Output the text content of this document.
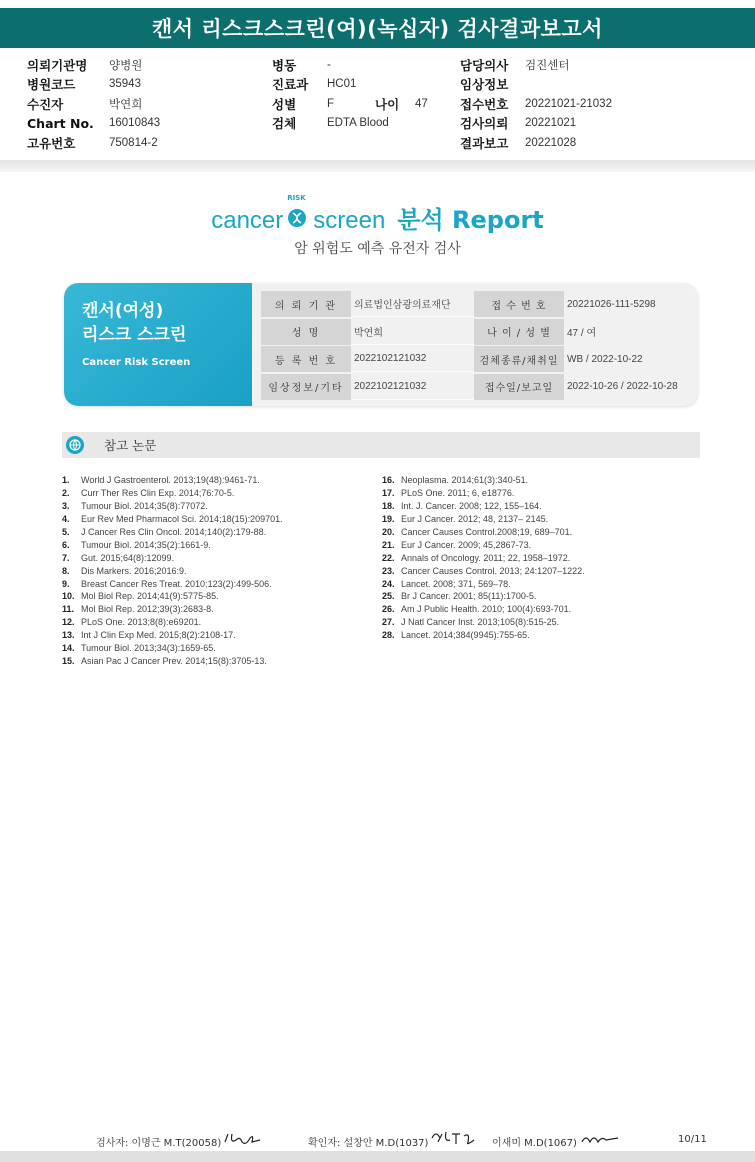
캔서 리스크스크린(여)(녹십자) 검사결과보고서
의뢰기관명	양병원
병원코드	35943
수진자	박연희
Chart No.	16010843
고유번호	750814-2
병동	-
진료과	HC01
성별	F	나이	47
검체	EDTA Blood
담당의사	검진센터
임상정보
접수번호	20221021-21032
검사의뢰	20221021
결과보고	20221028
cancer
RISK
screen 분석 Report
암 위험도 예측 유전자 검사
캔서(여성)
리스크 스크린
Cancer Risk Screen
의 뢰 기 관	의료법인삼광의료재단	접 수 번 호	20221026-111-5298
성 명	박연희	나 이 / 성 별	47 / 여
등 록 번 호	2022102121032	검체종류/채취일 WB / 2022-10-22
임상정보/기타	2022102121032	접수일/보고일	2022-10-26 / 2022-10-28
참고 논문
1.	World J Gastroenterol. 2013;19(48):9461-71.
2.	Curr Ther Res Clin Exp. 2014;76:70-5.
3.	Tumour Biol. 2014;35(8):77072.
4.	Eur Rev Med Pharmacol Sci. 2014;18(15):209701.
5.	J Cancer Res Clin Oncol. 2014;140(2):179-88.
6.	Tumour Biol. 2014;35(2):1661-9.
7.	Gut. 2015;64(8):12099.
8.	Dis Markers. 2016;2016:9.
9.	Breast Cancer Res Treat. 2010;123(2):499-506.
10. Mol Biol Rep. 2014;41(9):5775-85.
11. Mol Biol Rep. 2012;39(3):2683-8.
12. PLoS One. 2013;8(8):e69201.
13. Int J Clin Exp Med. 2015;8(2):2108-17.
14. Tumour Biol. 2013;34(3):1659-65.
15. Asian Pac J Cancer Prev. 2014;15(8):3705-13.
16. Neoplasma. 2014;61(3):340-51.
17. PLoS One. 2011; 6, e18776.
18. Int. J. Cancer. 2008; 122, 155–164.
19. Eur J Cancer. 2012; 48, 2137– 2145.
20. Cancer Causes Control.2008;19, 689–701.
21. Eur J Cancer. 2009; 45,2867-73.
22. Annals of Oncology. 2011; 22, 1958–1972.
23. Cancer Causes Control. 2013; 24:1207–1222.
24. Lancet. 2008; 371, 569–78.
25. Br J Cancer. 2001; 85(11):1700-5.
26. Am J Public Health. 2010; 100(4):693-701.
27. J Natl Cancer Inst. 2013;105(8):515-25.
28. Lancet. 2014;384(9945):755-65.
검사자: 이명근 M.T(20058)	확인자: 설창안 M.D(1037)	이새미 M.D(1067)	10/11
